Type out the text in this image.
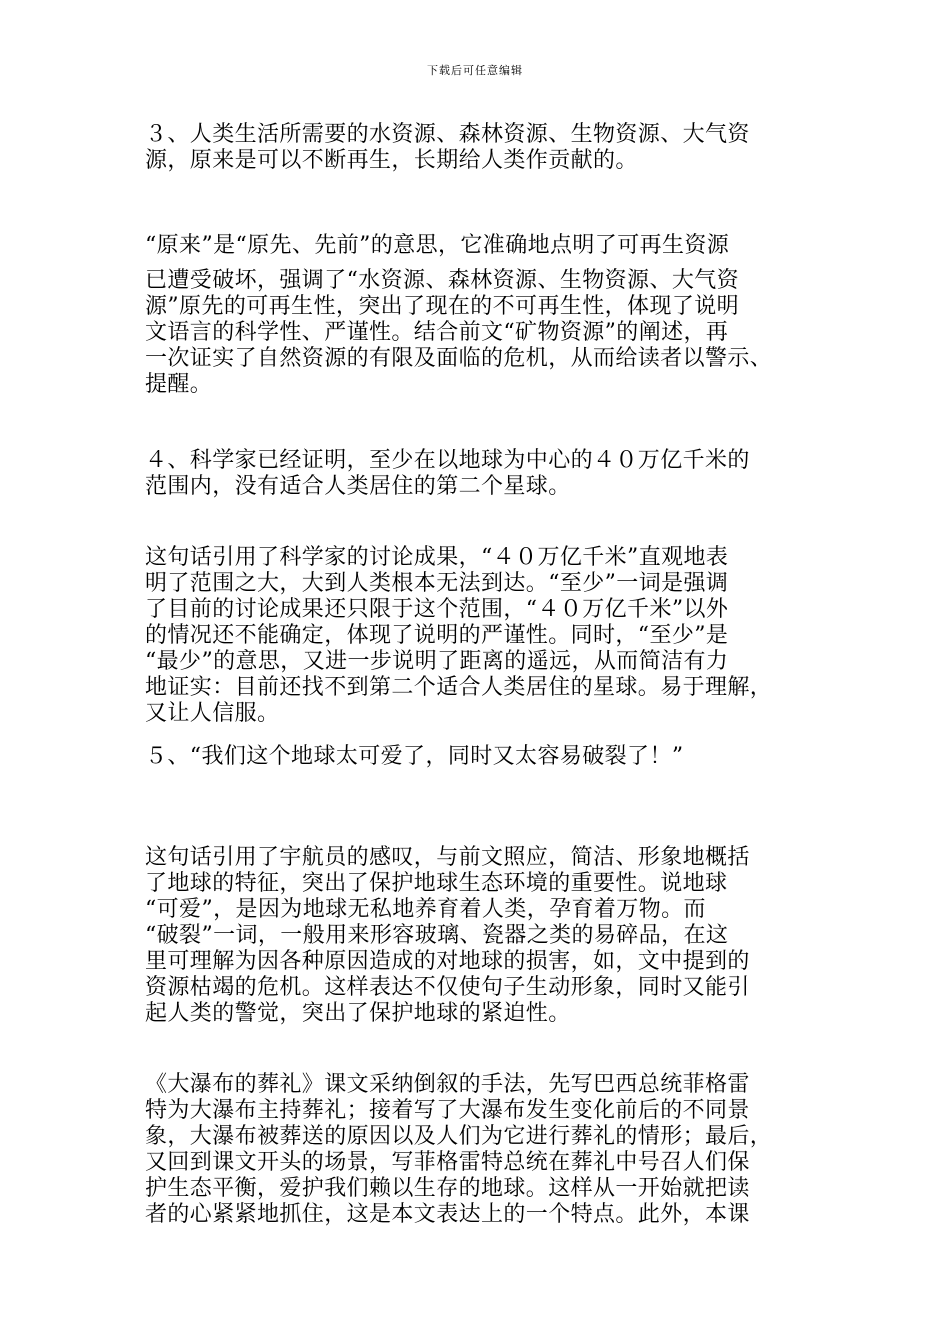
下载后可任意编辑

３、人类生活所需要的水资源、森林资源、生物资源、大气资
源，原来是可以不断再生，长期给人类作贡献的。

“原来”是“原先、先前”的意思，它准确地点明了可再生资源

已遭受破坏，强调了“水资源、森林资源、生物资源、大气资
源”原先的可再生性，突出了现在的不可再生性，体现了说明
文语言的科学性、严谨性。结合前文“矿物资源”的阐述，再
一次证实了自然资源的有限及面临的危机，从而给读者以警示、
提醒。

４、科学家已经证明，至少在以地球为中心的４０万亿千米的
范围内，没有适合人类居住的第二个星球。

这句话引用了科学家的讨论成果，“４０万亿千米”直观地表
明了范围之大，大到人类根本无法到达。“至少”一词是强调
了目前的讨论成果还只限于这个范围，“４０万亿千米”以外
的情况还不能确定，体现了说明的严谨性。同时，“至少”是
“最少”的意思，又进一步说明了距离的遥远，从而简洁有力
地证实：目前还找不到第二个适合人类居住的星球。易于理解，
又让人信服。

５、“我们这个地球太可爱了，同时又太容易破裂了！”

这句话引用了宇航员的感叹，与前文照应，简洁、形象地概括
了地球的特征，突出了保护地球生态环境的重要性。说地球
“可爱”，是因为地球无私地养育着人类，孕育着万物。而
“破裂”一词，一般用来形容玻璃、瓷器之类的易碎品，在这
里可理解为因各种原因造成的对地球的损害，如，文中提到的
资源枯竭的危机。这样表达不仅使句子生动形象，同时又能引
起人类的警觉，突出了保护地球的紧迫性。

《大瀑布的葬礼》课文采纳倒叙的手法，先写巴西总统菲格雷
特为大瀑布主持葬礼；接着写了大瀑布发生变化前后的不同景
象，大瀑布被葬送的原因以及人们为它进行葬礼的情形；最后，
又回到课文开头的场景，写菲格雷特总统在葬礼中号召人们保
护生态平衡，爱护我们赖以生存的地球。这样从一开始就把读
者的心紧紧地抓住，这是本文表达上的一个特点。此外，本课
